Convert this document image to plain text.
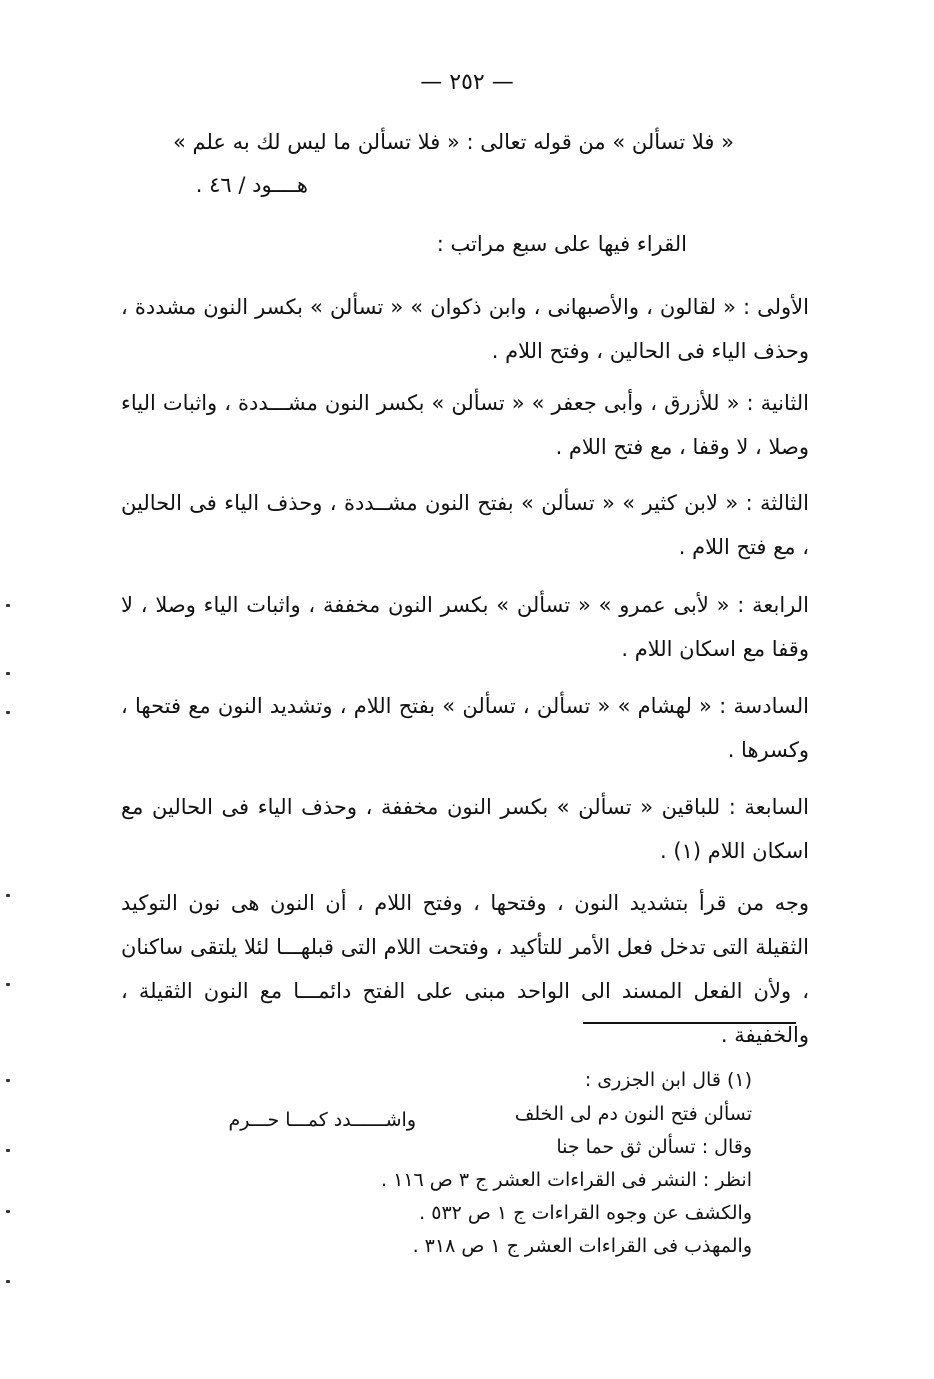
— ٢٥٢ —
« فلا تسألن » من قوله تعالى : « فلا تسألن ما ليس لك به علم »
هــــود / ٤٦ .
القراء فيها على سبع مراتب :
الأولى : « لقالون ، والأصبهانى ، وابن ذكوان » « تسألن » بكسر النون مشددة ، وحذف الياء فى الحالين ، وفتح اللام .
الثانية : « للأزرق ، وأبى جعفر » « تسألن » بكسر النون مشـــددة ، واثبات الياء وصلا ، لا وقفا ، مع فتح اللام .
الثالثة : « لابن كثير » « تسألن » بفتح النون مشــددة ، وحذف الياء فى الحالين ، مع فتح اللام .
الرابعة : « لأبى عمرو » « تسألن » بكسر النون مخففة ، واثبات الياء وصلا ، لا وقفا مع اسكان اللام .
السادسة : « لهشام » « تسألن ، تسألن » بفتح اللام ، وتشديد النون مع فتحها ، وكسرها .
السابعة : للباقين « تسألن » بكسر النون مخففة ، وحذف الياء فى الحالين مع اسكان اللام (١) .
وجه من قرأ بتشديد النون ، وفتحها ، وفتح اللام ، أن النون هى نون التوكيد الثقيلة التى تدخل فعل الأمر للتأكيد ، وفتحت اللام التى قبلهـــا لئلا يلتقى ساكنان ، ولأن الفعل المسند الى الواحد مبنى على الفتح دائمـــا مع النون الثقيلة ، والخفيفة .
(١) قال ابن الجزرى :
تسألن فتح النون دم لى الخلف
واشــــــدد كمـــا حـــرم
وقال : تسألن ثق حما جنا
انظر : النشر فى القراءات العشر ج ٣ ص ١١٦ .
والكشف عن وجوه القراءات ج ١ ص ٥٣٢ .
والمهذب فى القراءات العشر ج ١ ص ٣١٨ .
